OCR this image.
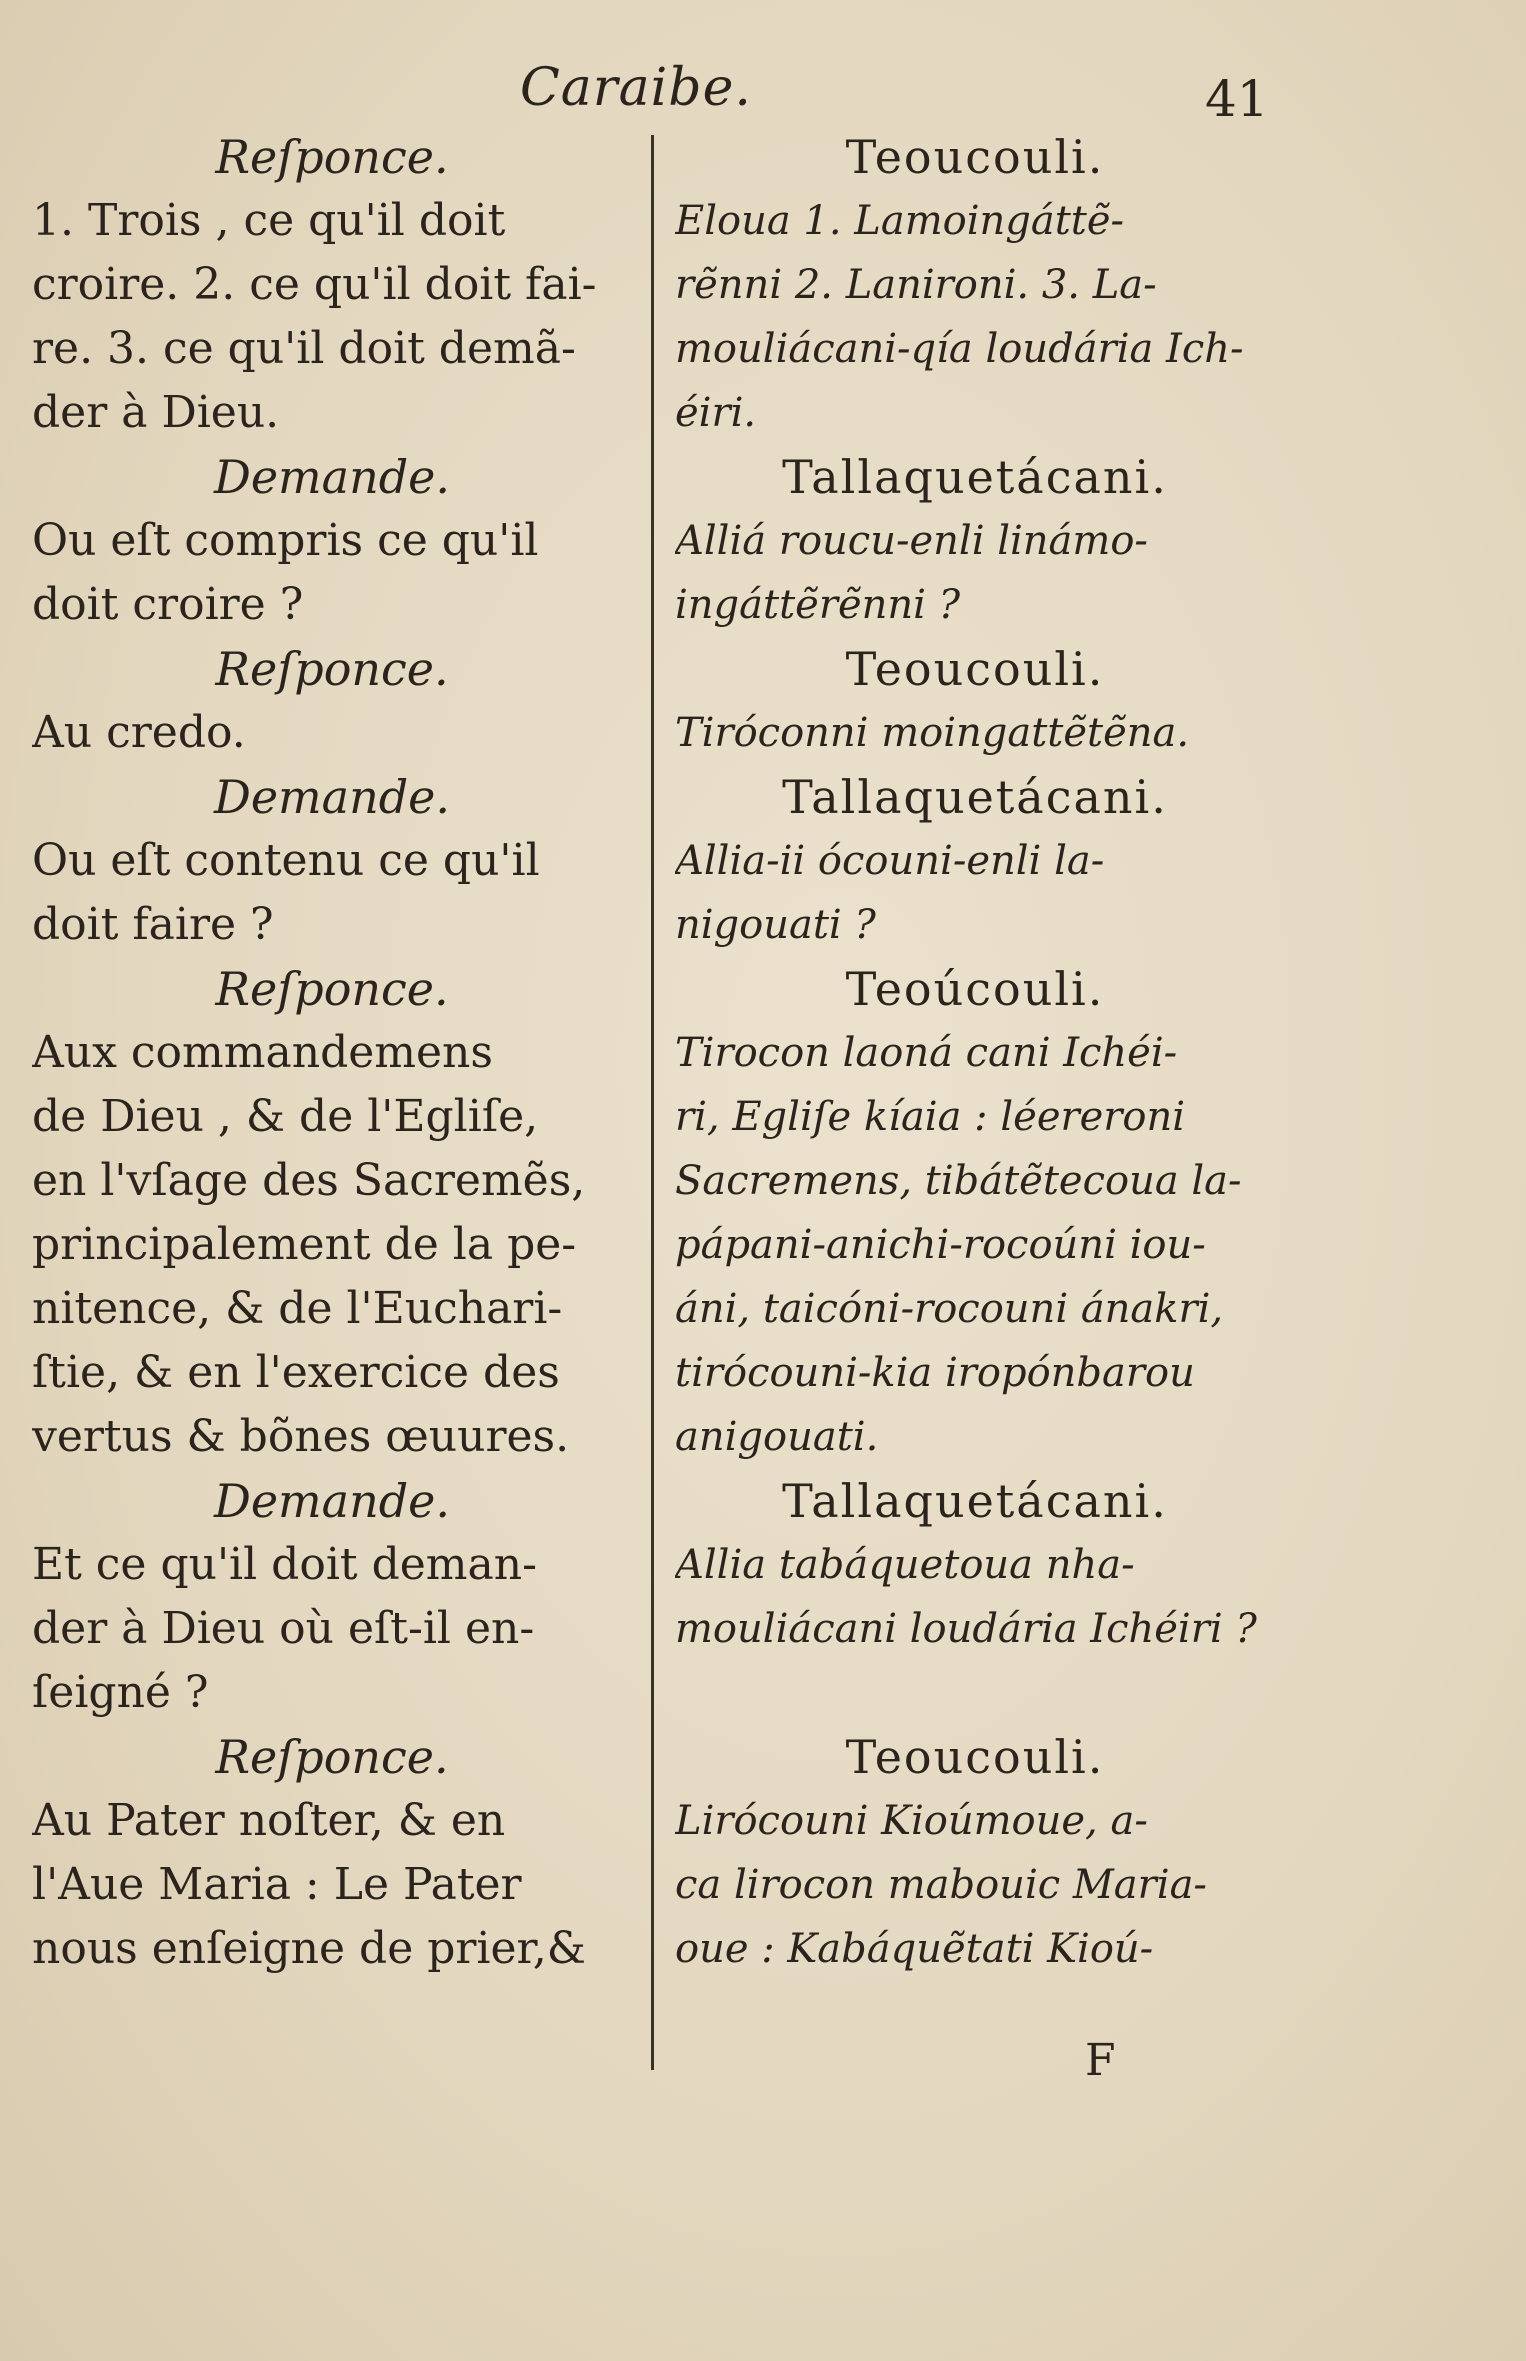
Caraibe.	41
Reſponce.
1. Trois , ce qu'il doit
croire. 2. ce qu'il doit fai-
re. 3. ce qu'il doit demã-
der à Dieu.
Demande.
Ou eſt compris ce qu'il
doit croire ?
Reſponce.
Au credo.
Demande.
Ou eſt contenu ce qu'il
doit faire ?
Reſponce.
Aux commandemens
de Dieu , & de l'Egliſe,
en l'vſage des Sacremẽs,
principalement de la pe-
nitence, & de l'Euchari-
ſtie, & en l'exercice des
vertus & bõnes œuures.
Demande.
Et ce qu'il doit deman-
der à Dieu où eſt-il en-
ſeigné ?
Reſponce.
Au Pater noſter, & en
l'Aue Maria : Le Pater
nous enſeigne de prier,&
Teoucouli.
Eloua 1. Lamoingáttẽ-
rẽnni 2. Lanironi. 3. La-
mouliácani-qía loudária Ich-
éiri.
Tallaquetácani.
Alliá roucu-enli linámo-
ingáttẽrẽnni ?
Teoucouli.
Tiróconni moingattẽtẽna.
Tallaquetácani.
Allia-ii ócouni-enli la-
nigouati ?
Teoúcouli.
Tirocon laoná cani Ichéi-
ri, Egliſe kíaia : léereroni
Sacremens, tibátẽtecoua la-
pápani-anichi-rocoúni iou-
áni, taicóni-rocouni ánakri,
tirócouni-kia iropónbarou
anigouati.
Tallaquetácani.
Allia tabáquetoua nha-
mouliácani loudária Ichéiri ?
Teoucouli.
Lirócouni Kioúmoue, a-
ca lirocon mabouic Maria-
oue : Kabáquẽtati Kioú-
F
